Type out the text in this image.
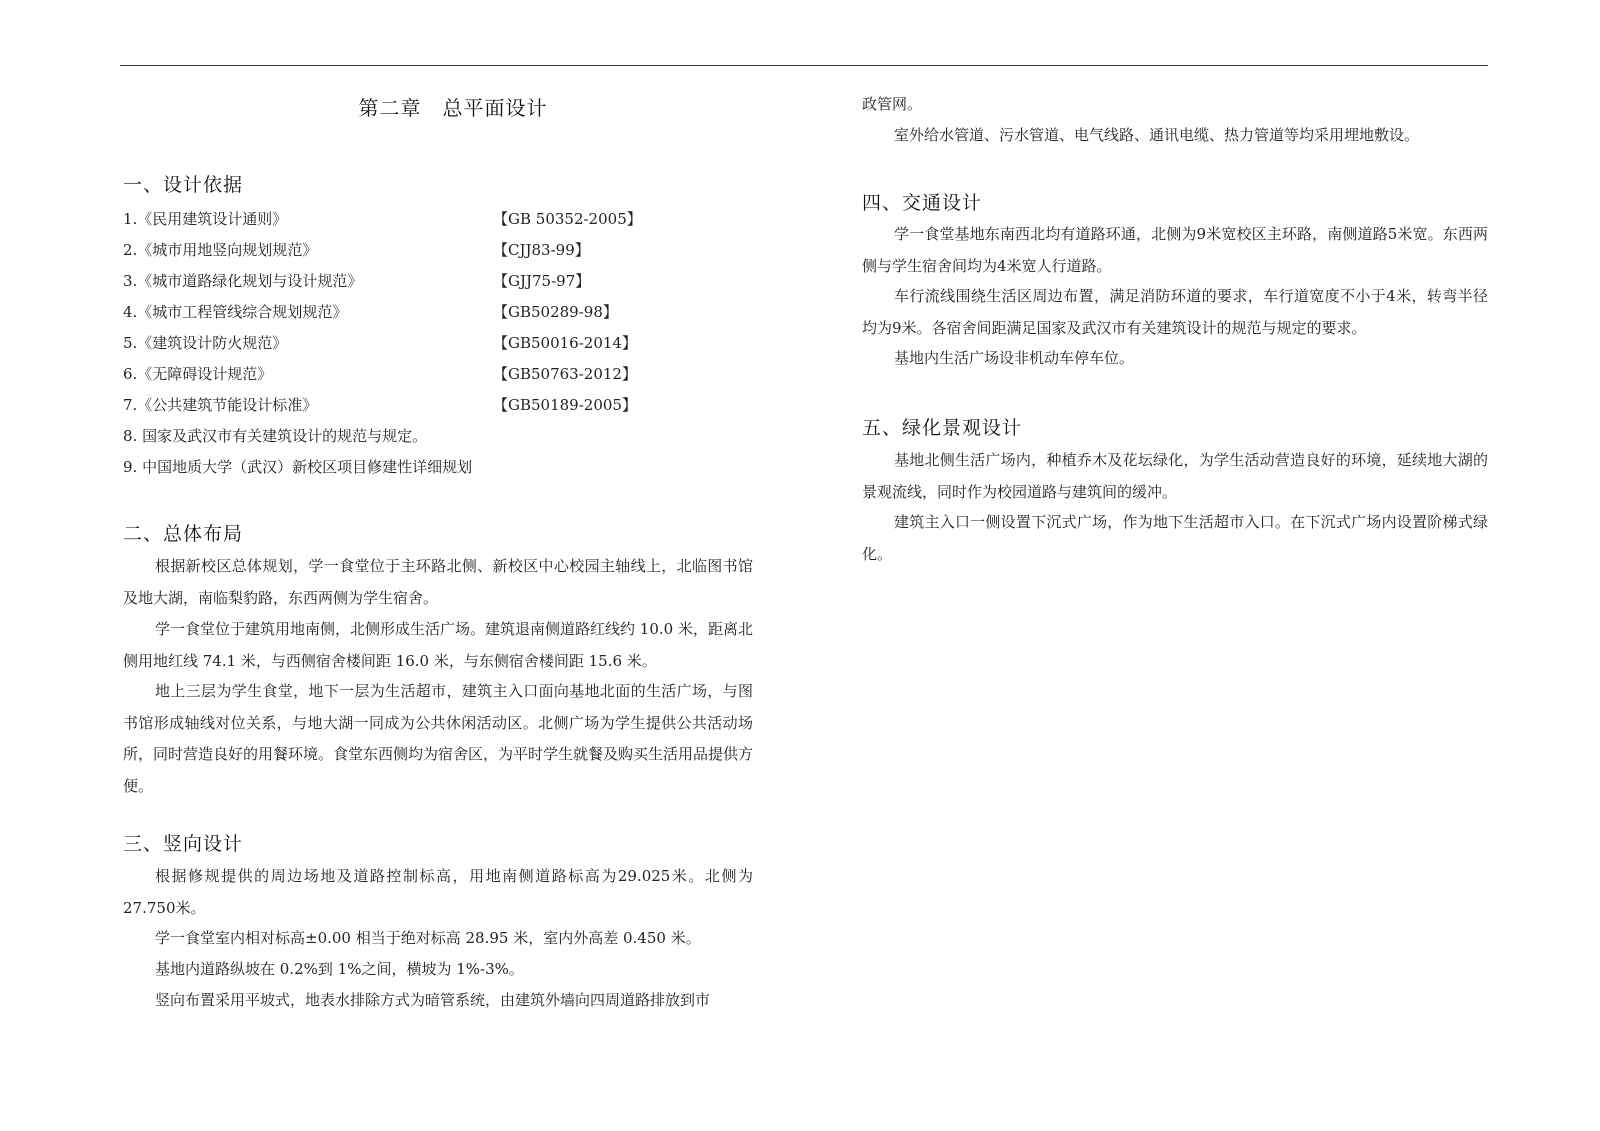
第二章　总平面设计
一、设计依据
1.《民用建筑设计通则》	【GB 50352-2005】
2.《城市用地竖向规划规范》	【CJJ83-99】
3.《城市道路绿化规划与设计规范》	【GJJ75-97】
4.《城市工程管线综合规划规范》	【GB50289-98】
5.《建筑设计防火规范》	【GB50016-2014】
6.《无障碍设计规范》	【GB50763-2012】
7.《公共建筑节能设计标准》	【GB50189-2005】
8. 国家及武汉市有关建筑设计的规范与规定。
9. 中国地质大学（武汉）新校区项目修建性详细规划
二、总体布局
根据新校区总体规划，学一食堂位于主环路北侧、新校区中心校园主轴线上，北临图书馆及地大湖，南临梨豹路，东西两侧为学生宿舍。
学一食堂位于建筑用地南侧，北侧形成生活广场。建筑退南侧道路红线约 10.0 米，距离北侧用地红线 74.1 米，与西侧宿舍楼间距 16.0 米，与东侧宿舍楼间距 15.6 米。
地上三层为学生食堂，地下一层为生活超市，建筑主入口面向基地北面的生活广场，与图书馆形成轴线对位关系，与地大湖一同成为公共休闲活动区。北侧广场为学生提供公共活动场所，同时营造良好的用餐环境。食堂东西侧均为宿舍区，为平时学生就餐及购买生活用品提供方便。
三、竖向设计
根据修规提供的周边场地及道路控制标高，用地南侧道路标高为29.025米。北侧为27.750米。
学一食堂室内相对标高±0.00 相当于绝对标高 28.95 米，室内外高差 0.450 米。
基地内道路纵坡在 0.2%到 1%之间，横坡为 1%-3%。
竖向布置采用平坡式，地表水排除方式为暗管系统，由建筑外墙向四周道路排放到市
政管网。
室外给水管道、污水管道、电气线路、通讯电缆、热力管道等均采用埋地敷设。
四、交通设计
学一食堂基地东南西北均有道路环通，北侧为9米宽校区主环路，南侧道路5米宽。东西两侧与学生宿舍间均为4米宽人行道路。
车行流线围绕生活区周边布置，满足消防环道的要求，车行道宽度不小于4米，转弯半径均为9米。各宿舍间距满足国家及武汉市有关建筑设计的规范与规定的要求。
基地内生活广场设非机动车停车位。
五、绿化景观设计
基地北侧生活广场内，种植乔木及花坛绿化，为学生活动营造良好的环境，延续地大湖的景观流线，同时作为校园道路与建筑间的缓冲。
建筑主入口一侧设置下沉式广场，作为地下生活超市入口。在下沉式广场内设置阶梯式绿化。
